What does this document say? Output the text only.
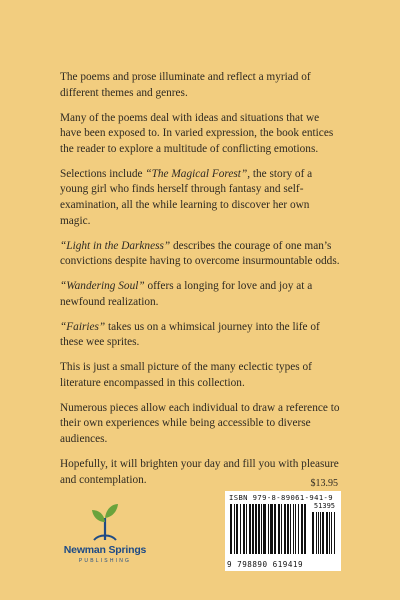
The poems and prose illuminate and reflect a myriad of different themes and genres.

Many of the poems deal with ideas and situations that we have been exposed to. In varied expression, the book entices the reader to explore a multitude of conflicting emotions.

Selections include “The Magical Forest”, the story of a young girl who finds herself through fantasy and self-examination, all the while learning to discover her own magic.

“Light in the Darkness” describes the courage of one man’s convictions despite having to overcome insurmountable odds.

“Wandering Soul” offers a longing for love and joy at a newfound realization.

“Fairies” takes us on a whimsical journey into the life of these wee sprites.

This is just a small picture of the many eclectic types of literature encompassed in this collection.

Numerous pieces allow each individual to draw a reference to their own experiences while being accessible to diverse audiences.

Hopefully, it will brighten your day and fill you with pleasure and contemplation.	$13.95
ISBN 979-8-89061-941-9
51395
9 798890 619419
Newman Springs
PUBLISHING
